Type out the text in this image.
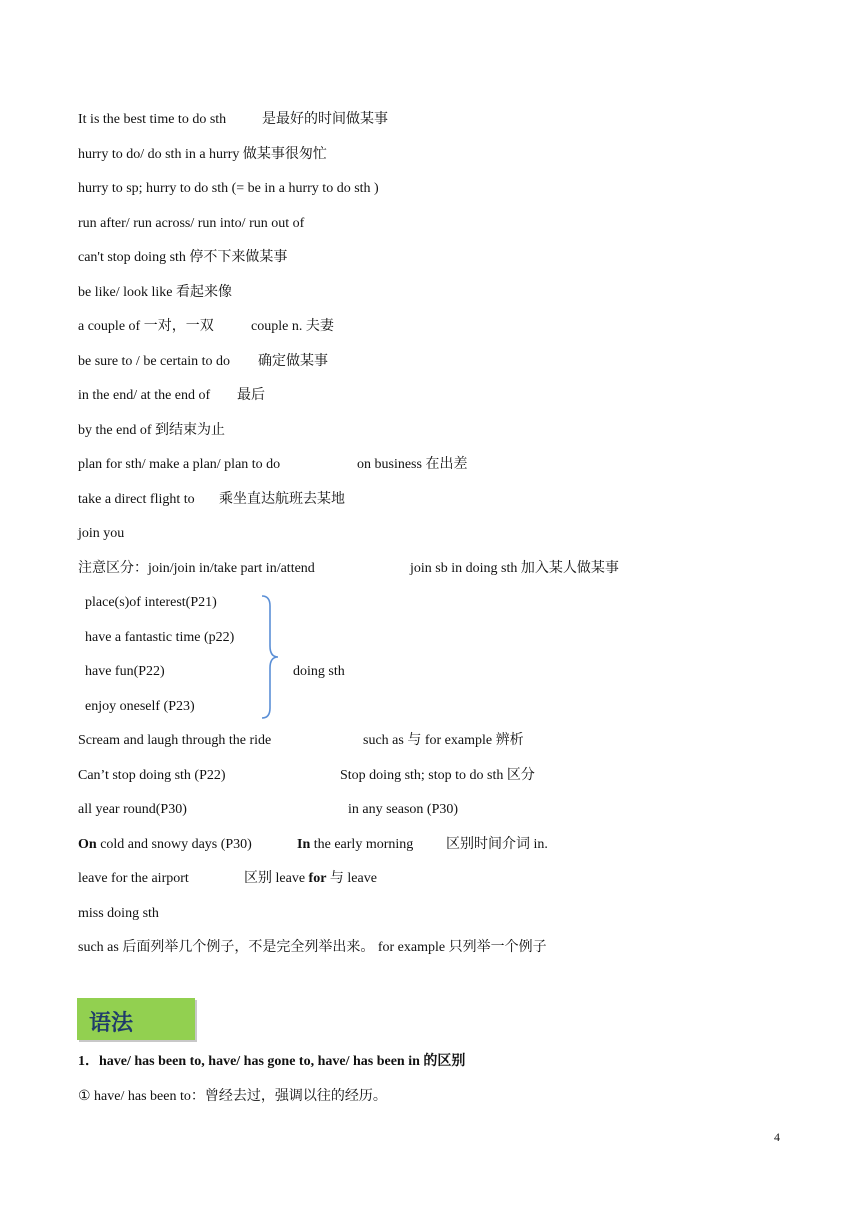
It is the best time to do sth	是最好的时间做某事
hurry to do/ do sth in a hurry 做某事很匆忙
hurry to sp; hurry to do sth (= be in a hurry to do sth )
run after/ run across/ run into/ run out of
can't stop doing sth 停不下来做某事
be like/ look like 看起来像
a couple of 一对，一双	couple n. 夫妻
be sure to / be certain to do 确定做某事
in the end/ at the end of 最后
by the end of 到结束为止
plan for sth/ make a plan/ plan to do	on business 在出差
take a direct flight to 乘坐直达航班去某地
join you
注意区分：join/join in/take part in/attend	join sb in doing sth 加入某人做某事
place(s)of interest(P21)
have a fantastic time (p22)
have fun(P22)
enjoy oneself (P23)
doing sth
Scream and laugh through the ride	such as 与 for example 辨析
Can’t stop doing sth (P22)	Stop doing sth; stop to do sth 区分
all year round(P30)	in any season (P30)
On cold and snowy days (P30)	In the early morning 区别时间介词 in.
leave for the airport	区别 leave for 与 leave
miss doing sth
such as 后面列举几个例子，不是完全列举出来。 for example 只列举一个例子
语法
1．have/ has been to, have/ has gone to, have/ has been in 的区别
① have/ has been to：曾经去过，强调以往的经历。
4
